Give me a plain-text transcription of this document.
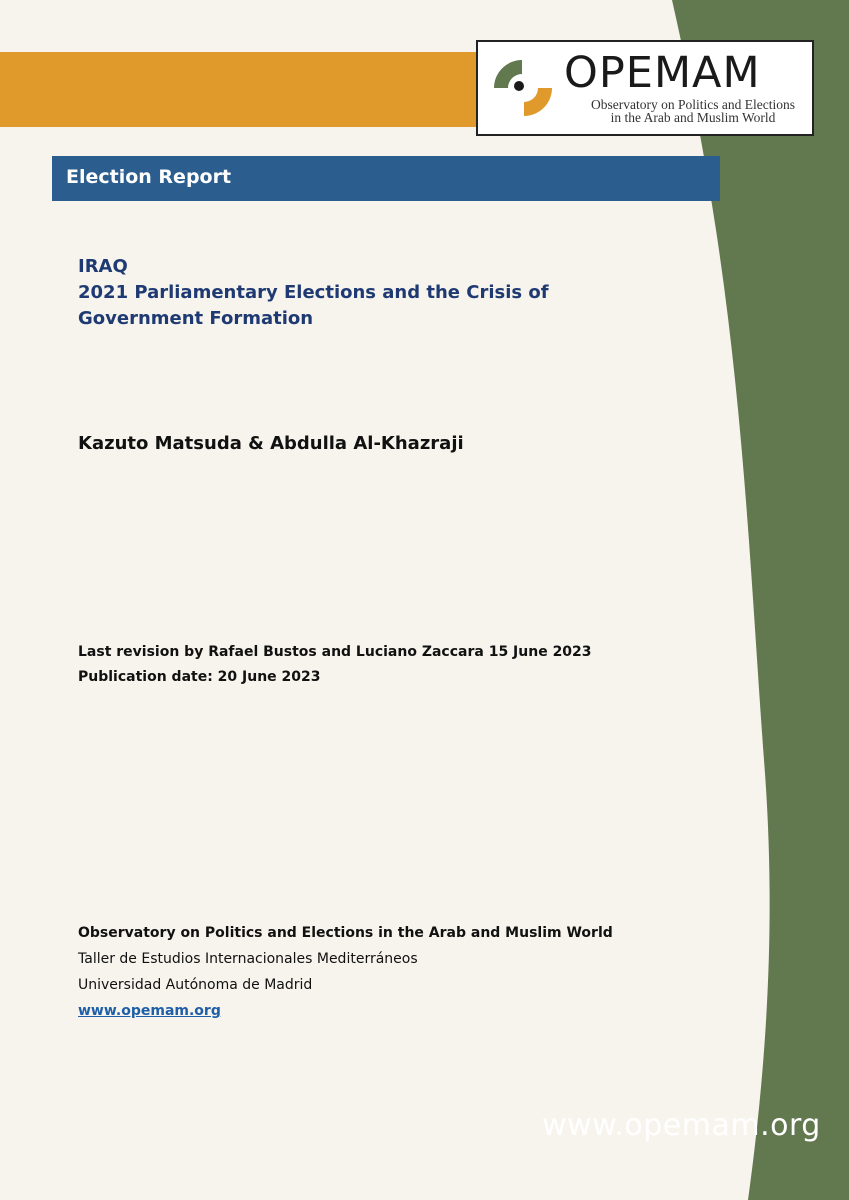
OPEMAM
Observatory on Politics and Elections
in the Arab and Muslim World
Election Report
IRAQ
2021 Parliamentary Elections and the Crisis of
Government Formation
Kazuto Matsuda & Abdulla Al-Khazraji
Last revision by Rafael Bustos and Luciano Zaccara 15 June 2023
Publication date: 20 June 2023
Observatory on Politics and Elections in the Arab and Muslim World
Taller de Estudios Internacionales Mediterráneos
Universidad Autónoma de Madrid
www.opemam.org
www.opemam.org
